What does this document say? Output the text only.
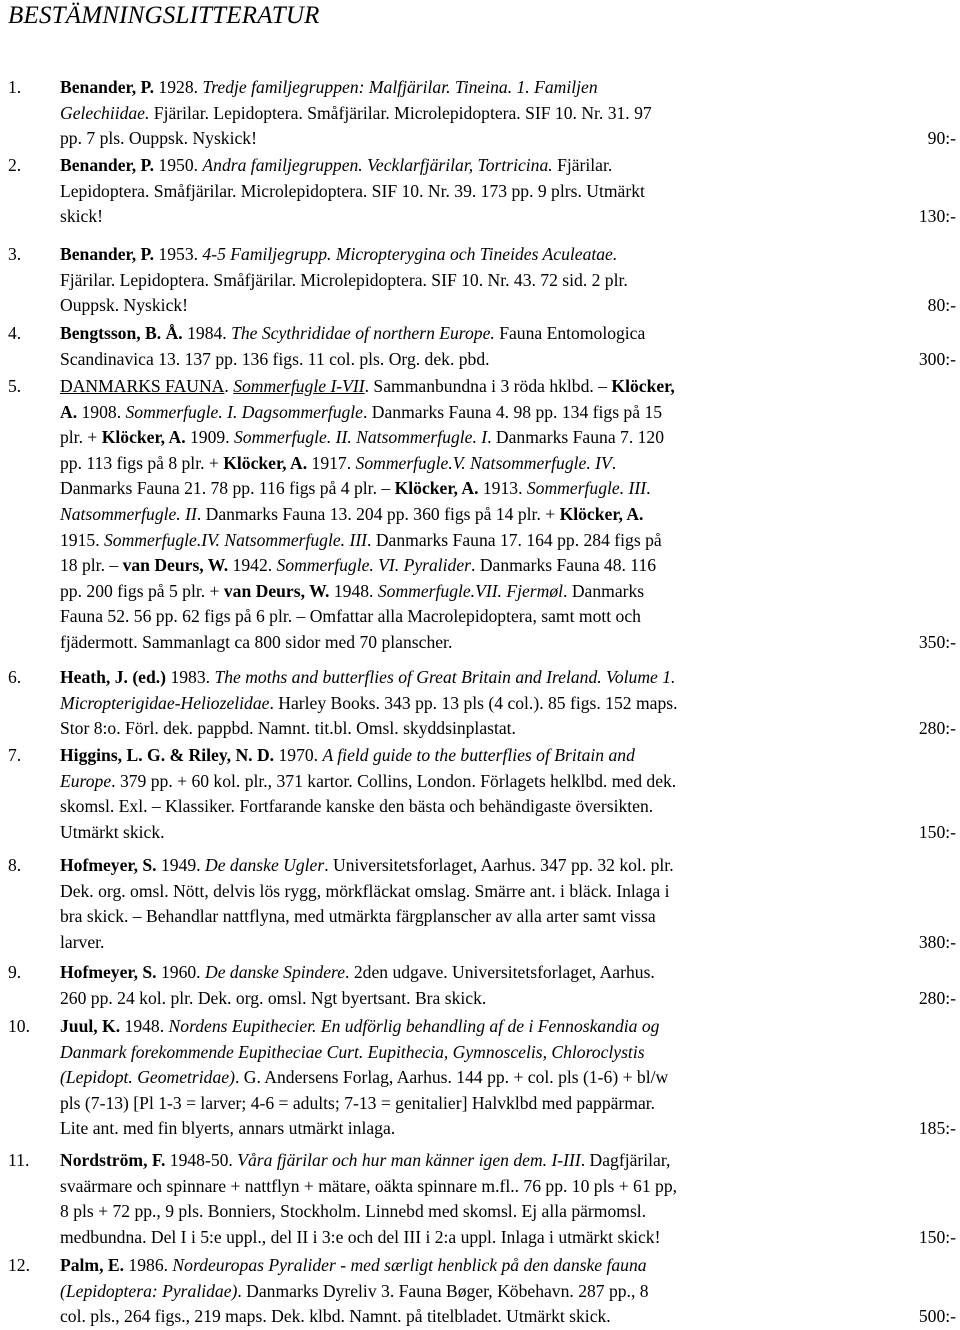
BESTÄMNINGSLITTERATUR
1. Benander, P. 1928. Tredje familjegruppen: Malfjärilar. Tineina. 1. Familjen
Gelechiidae. Fjärilar. Lepidoptera. Småfjärilar. Microlepidoptera. SIF 10. Nr. 31. 97
pp. 7 pls. Ouppsk. Nyskick!	90:-
2. Benander, P. 1950. Andra familjegruppen. Vecklarfjärilar, Tortricina. Fjärilar.
Lepidoptera. Småfjärilar. Microlepidoptera. SIF 10. Nr. 39. 173 pp. 9 plrs. Utmärkt
skick!	130:-
3. Benander, P. 1953. 4-5 Familjegrupp. Micropterygina och Tineides Aculeatae.
Fjärilar. Lepidoptera. Småfjärilar. Microlepidoptera. SIF 10. Nr. 43. 72 sid. 2 plr.
Ouppsk. Nyskick!	80:-
4. Bengtsson, B. Å. 1984. The Scythrididae of northern Europe. Fauna Entomologica
Scandinavica 13. 137 pp. 136 figs. 11 col. pls. Org. dek. pbd.	300:-
5. DANMARKS FAUNA. Sommerfugle I-VII. Sammanbundna i 3 röda hklbd. – Klöcker,
A. 1908. Sommerfugle. I. Dagsommerfugle. Danmarks Fauna 4. 98 pp. 134 figs på 15
plr. + Klöcker, A. 1909. Sommerfugle. II. Natsommerfugle. I. Danmarks Fauna 7. 120
pp. 113 figs på 8 plr. + Klöcker, A. 1917. Sommerfugle.V. Natsommerfugle. IV.
Danmarks Fauna 21. 78 pp. 116 figs på 4 plr. – Klöcker, A. 1913. Sommerfugle. III.
Natsommerfugle. II. Danmarks Fauna 13. 204 pp. 360 figs på 14 plr. + Klöcker, A.
1915. Sommerfugle.IV. Natsommerfugle. III. Danmarks Fauna 17. 164 pp. 284 figs på
18 plr. – van Deurs, W. 1942. Sommerfugle. VI. Pyralider. Danmarks Fauna 48. 116
pp. 200 figs på 5 plr. + van Deurs, W. 1948. Sommerfugle.VII. Fjermøl. Danmarks
Fauna 52. 56 pp. 62 figs på 6 plr. – Omfattar alla Macrolepidoptera, samt mott och
fjädermott. Sammanlagt ca 800 sidor med 70 planscher.	350:-
6. Heath, J. (ed.) 1983. The moths and butterflies of Great Britain and Ireland. Volume 1.
Micropterigidae-Heliozelidae. Harley Books. 343 pp. 13 pls (4 col.). 85 figs. 152 maps.
Stor 8:o. Förl. dek. pappbd. Namnt. tit.bl. Omsl. skyddsinplastat.	280:-
7. Higgins, L. G. & Riley, N. D. 1970. A field guide to the butterflies of Britain and
Europe. 379 pp. + 60 kol. plr., 371 kartor. Collins, London. Förlagets helklbd. med dek.
skomsl. Exl. – Klassiker. Fortfarande kanske den bästa och behändigaste översikten.
Utmärkt skick.	150:-
8. Hofmeyer, S. 1949. De danske Ugler. Universitetsforlaget, Aarhus. 347 pp. 32 kol. plr.
Dek. org. omsl. Nött, delvis lös rygg, mörkfläckat omslag. Smärre ant. i bläck. Inlaga i
bra skick. – Behandlar nattflyna, med utmärkta färgplanscher av alla arter samt vissa
larver.	380:-
9. Hofmeyer, S. 1960. De danske Spindere. 2den udgave. Universitetsforlaget, Aarhus.
260 pp. 24 kol. plr. Dek. org. omsl. Ngt byertsant. Bra skick.	280:-
10. Juul, K. 1948. Nordens Eupithecier. En udförlig behandling af de i Fennoskandia og
Danmark forekommende Eupitheciae Curt. Eupithecia, Gymnoscelis, Chloroclystis
(Lepidopt. Geometridae). G. Andersens Forlag, Aarhus. 144 pp. + col. pls (1-6) + bl/w
pls (7-13) [Pl 1-3 = larver; 4-6 = adults; 7-13 = genitalier] Halvklbd med pappärmar.
Lite ant. med fin blyerts, annars utmärkt inlaga.	185:-
11. Nordström, F. 1948-50. Våra fjärilar och hur man känner igen dem. I-III. Dagfjärilar,
svaärmare och spinnare + nattflyn + mätare, oäkta spinnare m.fl.. 76 pp. 10 pls + 61 pp,
8 pls + 72 pp., 9 pls. Bonniers, Stockholm. Linnebd med skomsl. Ej alla pärmomsl.
medbundna. Del I i 5:e uppl., del II i 3:e och del III i 2:a uppl. Inlaga i utmärkt skick!	150:-
12. Palm, E. 1986. Nordeuropas Pyralider - med særligt henblick på den danske fauna
(Lepidoptera: Pyralidae). Danmarks Dyreliv 3. Fauna Bøger, Köbehavn. 287 pp., 8
col. pls., 264 figs., 219 maps. Dek. klbd. Namnt. på titelbladet. Utmärkt skick.	500:-
